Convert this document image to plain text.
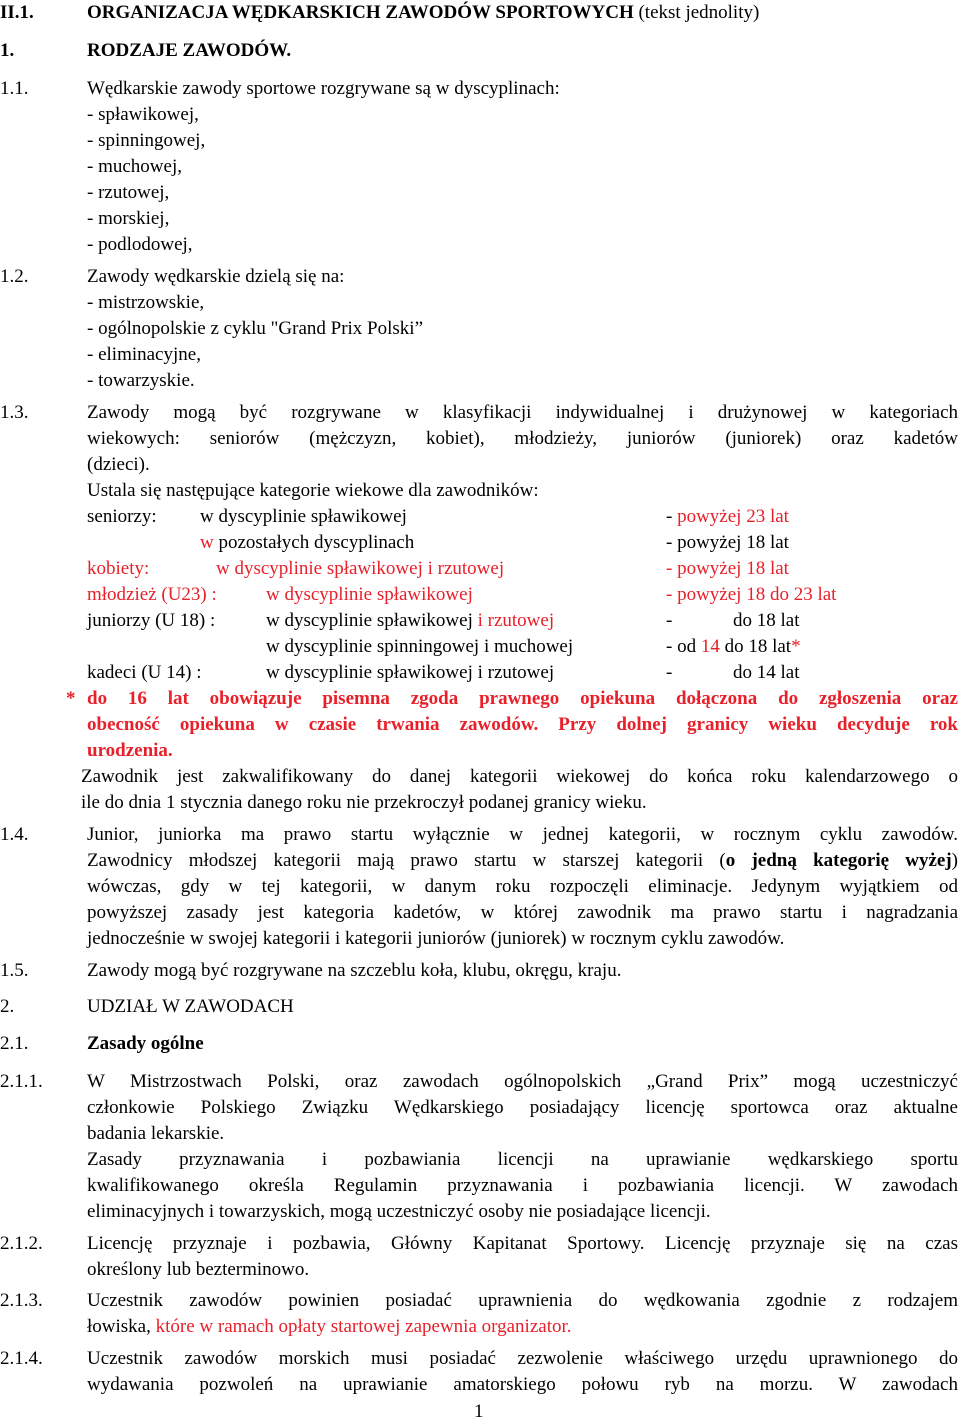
II.1.	ORGANIZACJA WĘDKARSKICH ZAWODÓW SPORTOWYCH (tekst jednolity)
1.	RODZAJE ZAWODÓW.
1.1.	Wędkarskie zawody sportowe rozgrywane są w dyscyplinach:
- spławikowej,
- spinningowej,
- muchowej,
- rzutowej,
- morskiej,
- podlodowej,
1.2.	Zawody wędkarskie dzielą się na:
- mistrzowskie,
- ogólnopolskie z cyklu "Grand Prix Polski”
- eliminacyjne,
- towarzyskie.
1.3.	Zawody mogą być rozgrywane w klasyfikacji indywidualnej i drużynowej w kategoriach
wiekowych: seniorów (mężczyzn, kobiet), młodzieży, juniorów (juniorek) oraz kadetów
(dzieci).
Ustala się następujące kategorie wiekowe dla zawodników:
seniorzy: w dyscyplinie spławikowej	- powyżej 23 lat
w pozostałych dyscyplinach	- powyżej 18 lat
kobiety:	w dyscyplinie spławikowej i rzutowej	- powyżej 18 lat
młodzież (U23) :	w dyscyplinie spławikowej	- powyżej 18 do 23 lat
juniorzy (U 18) :	w dyscyplinie spławikowej i rzutowej	-	do 18 lat
w dyscyplinie spinningowej i muchowej	- od 14 do 18 lat*
kadeci (U 14) :	w dyscyplinie spławikowej i rzutowej	-	do 14 lat
* do 16 lat obowiązuje pisemna zgoda prawnego opiekuna dołączona do zgłoszenia oraz
obecność opiekuna w czasie trwania zawodów. Przy dolnej granicy wieku decyduje rok
urodzenia.
Zawodnik jest zakwalifikowany do danej kategorii wiekowej do końca roku kalendarzowego o
ile do dnia 1 stycznia danego roku nie przekroczył podanej granicy wieku.
1.4.	Junior, juniorka ma prawo startu wyłącznie w jednej kategorii, w rocznym cyklu zawodów.
Zawodnicy młodszej kategorii mają prawo startu w starszej kategorii (o jedną kategorię wyżej)
wówczas, gdy w tej kategorii, w danym roku rozpoczęli eliminacje. Jedynym wyjątkiem od
powyższej zasady jest kategoria kadetów, w której zawodnik ma prawo startu i nagradzania
jednocześnie w swojej kategorii i kategorii juniorów (juniorek) w rocznym cyklu zawodów.
1.5.	Zawody mogą być rozgrywane na szczeblu koła, klubu, okręgu, kraju.
2.	UDZIAŁ W ZAWODACH
2.1.	Zasady ogólne
2.1.1. W Mistrzostwach Polski, oraz zawodach ogólnopolskich „Grand Prix” mogą uczestniczyć
członkowie Polskiego Związku Wędkarskiego posiadający licencję sportowca oraz aktualne
badania lekarskie.
Zasady przyznawania i pozbawiania licencji na uprawianie wędkarskiego sportu
kwalifikowanego określa Regulamin przyznawania i pozbawiania licencji. W zawodach
eliminacyjnych i towarzyskich, mogą uczestniczyć osoby nie posiadające licencji.
2.1.2. Licencję przyznaje i pozbawia, Główny Kapitanat Sportowy. Licencję przyznaje się na czas
określony lub bezterminowo.
2.1.3. Uczestnik zawodów powinien posiadać uprawnienia do wędkowania zgodnie z rodzajem
łowiska, które w ramach opłaty startowej zapewnia organizator.
2.1.4. Uczestnik zawodów morskich musi posiadać zezwolenie właściwego urzędu uprawnionego do
wydawania pozwoleń na uprawianie amatorskiego połowu ryb na morzu. W zawodach
1
